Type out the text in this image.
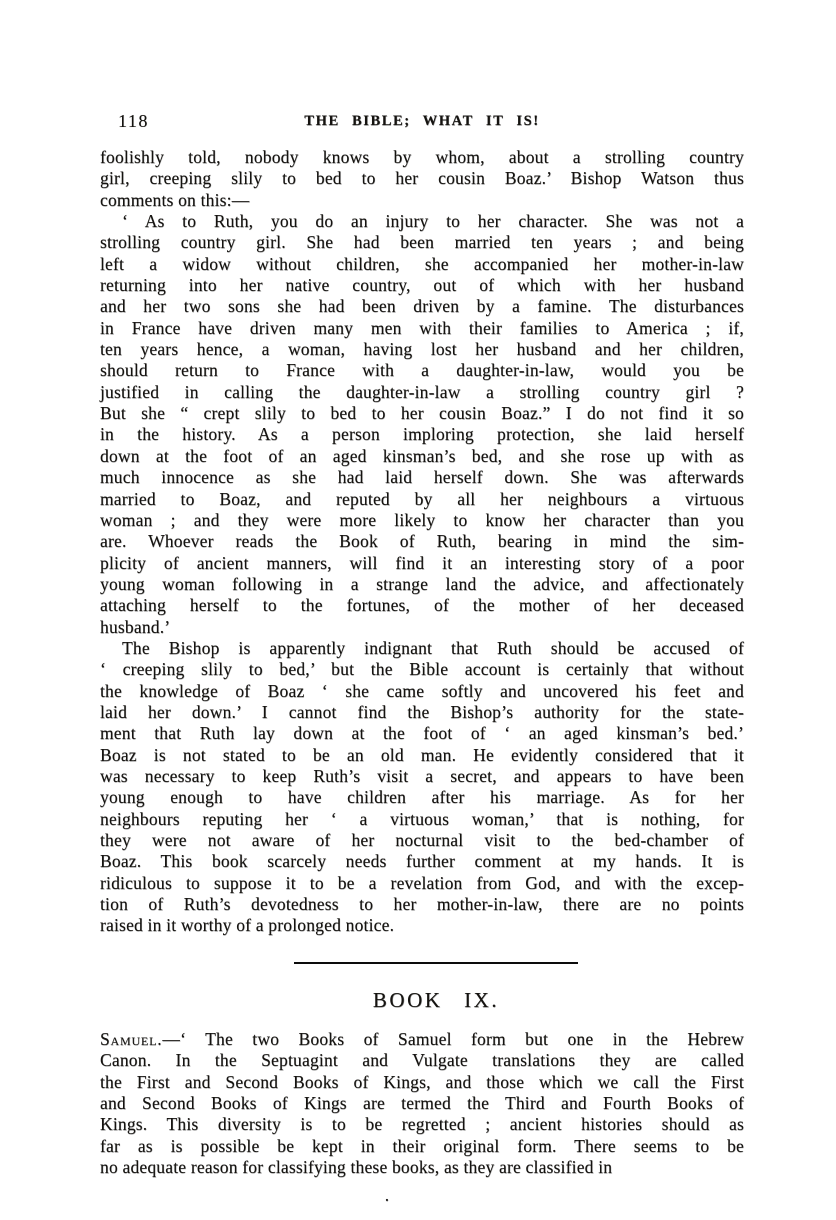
118	THE BIBLE; WHAT IT IS!
foolishly told, nobody knows by whom, about a strolling country
girl, creeping slily to bed to her cousin Boaz.’ Bishop Watson thus
comments on this:—
‘ As to Ruth, you do an injury to her character. She was not a
strolling country girl. She had been married ten years ; and being
left a widow without children, she accompanied her mother-in-law
returning into her native country, out of which with her husband
and her two sons she had been driven by a famine. The disturbances
in France have driven many men with their families to America ; if,
ten years hence, a woman, having lost her husband and her children,
should return to France with a daughter-in-law, would you be
justified in calling the daughter-in-law a strolling country girl ?
But she “ crept slily to bed to her cousin Boaz.” I do not find it so
in the history. As a person imploring protection, she laid herself
down at the foot of an aged kinsman’s bed, and she rose up with as
much innocence as she had laid herself down. She was afterwards
married to Boaz, and reputed by all her neighbours a virtuous
woman ; and they were more likely to know her character than you
are. Whoever reads the Book of Ruth, bearing in mind the sim-
plicity of ancient manners, will find it an interesting story of a poor
young woman following in a strange land the advice, and affectionately
attaching herself to the fortunes, of the mother of her deceased
husband.’
The Bishop is apparently indignant that Ruth should be accused of
‘ creeping slily to bed,’ but the Bible account is certainly that without
the knowledge of Boaz ‘ she came softly and uncovered his feet and
laid her down.’ I cannot find the Bishop’s authority for the state-
ment that Ruth lay down at the foot of ‘ an aged kinsman’s bed.’
Boaz is not stated to be an old man. He evidently considered that it
was necessary to keep Ruth’s visit a secret, and appears to have been
young enough to have children after his marriage. As for her
neighbours reputing her ‘ a virtuous woman,’ that is nothing, for
they were not aware of her nocturnal visit to the bed-chamber of
Boaz. This book scarcely needs further comment at my hands. It is
ridiculous to suppose it to be a revelation from God, and with the excep-
tion of Ruth’s devotedness to her mother-in-law, there are no points
raised in it worthy of a prolonged notice.
BOOK IX.
Samuel.—‘ The two Books of Samuel form but one in the Hebrew
Canon. In the Septuagint and Vulgate translations they are called
the First and Second Books of Kings, and those which we call the First
and Second Books of Kings are termed the Third and Fourth Books of
Kings. This diversity is to be regretted ; ancient histories should as
far as is possible be kept in their original form. There seems to be
no adequate reason for classifying these books, as they are classified in
.
